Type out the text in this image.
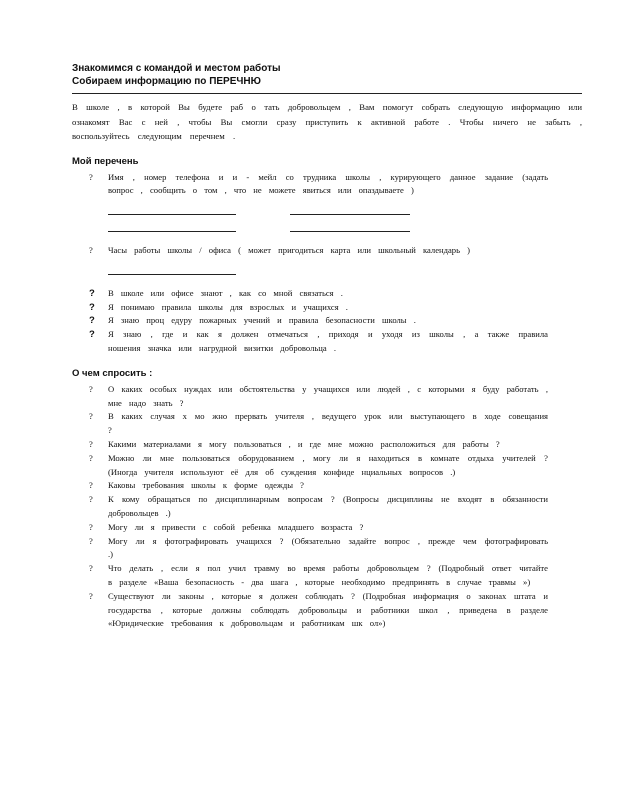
Знакомимся с командой и местом работы
Собираем информацию по ПЕРЕЧНЮ
В школе , в которой Вы будете раб о тать добровольцем , Вам помогут собрать следующую информацию или ознакомят Вас с ней , чтобы Вы смогли сразу приступить к активной работе . Чтобы ничего не забыть , воспользуйтесь следующим перечнем .
Мой перечень
?	Имя , номер телефона и и - мейл со трудника школы , курирующего данное задание (задать вопрос , сообщить о том , что не можете явиться или опаздываете )
?	Часы работы школы / офиса ( может пригодиться карта или школьный календарь )
?	В школе или офисе знают , как со мной связаться .
?	Я понимаю правила школы для взрослых и учащихся .
?	Я знаю проц едуру пожарных учений и правила безопасности школы .
?	Я знаю , где и как я должен отмечаться , приходя и уходя из школы , а также правила ношения значка или нагрудной визитки добровольца .
О чем спросить :
?	О каких особых нуждах или обстоятельства у учащихся или людей , с которыми я буду работать , мне надо знать ?
?	В каких случая х мо жно прервать учителя , ведущего урок или выступающего в ходе совещания ?
?	Какими материалами я могу пользоваться , и где мне можно расположиться для работы ?
?	Можно ли мне пользоваться оборудованием , могу ли я находиться в комнате отдыха учителей ? (Иногда учителя используют её для об суждения конфиде нциальных вопросов .)
?	Каковы требования школы к форме одежды ?
?	К кому обращаться по дисциплинарным вопросам ? (Вопросы дисциплины не входят в обязанности добровольцев .)
?	Могу ли я привести с собой ребенка младшего возраста ?
?	Могу ли я фотографировать учащихся ? (Обязательно задайте вопрос , прежде чем фотографировать .)
?	Что делать , если я пол учил травму во время работы добровольцем ? (Подробный ответ читайте в разделе «Ваша безопасность - два шага , которые необходимо предпринять в случае травмы »)
?	Существуют ли законы , которые я должен соблюдать ? (Подробная информация о законах штата и государства , которые должны соблюдать добровольцы и работники школ , приведена в разделе «Юридические требования к добровольцам и работникам шк ол»)
